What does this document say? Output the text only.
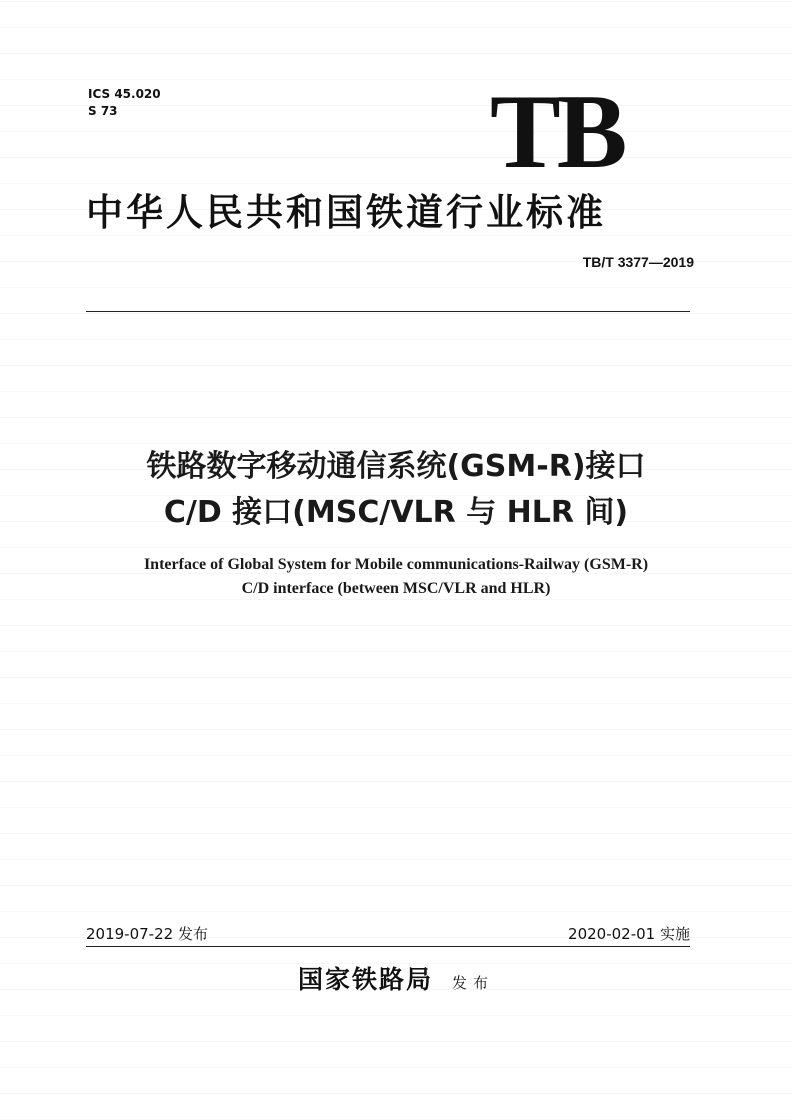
ICS 45.020
S 73	TB
中华人民共和国铁道行业标准
TB/T 3377—2019
铁路数字移动通信系统(GSM-R)接口
C/D 接口(MSC/VLR 与 HLR 间)
Interface of Global System for Mobile communications-Railway (GSM-R)
C/D interface (between MSC/VLR and HLR)
2019-07-22 发布	2020-02-01 实施
国家铁路局 发布
